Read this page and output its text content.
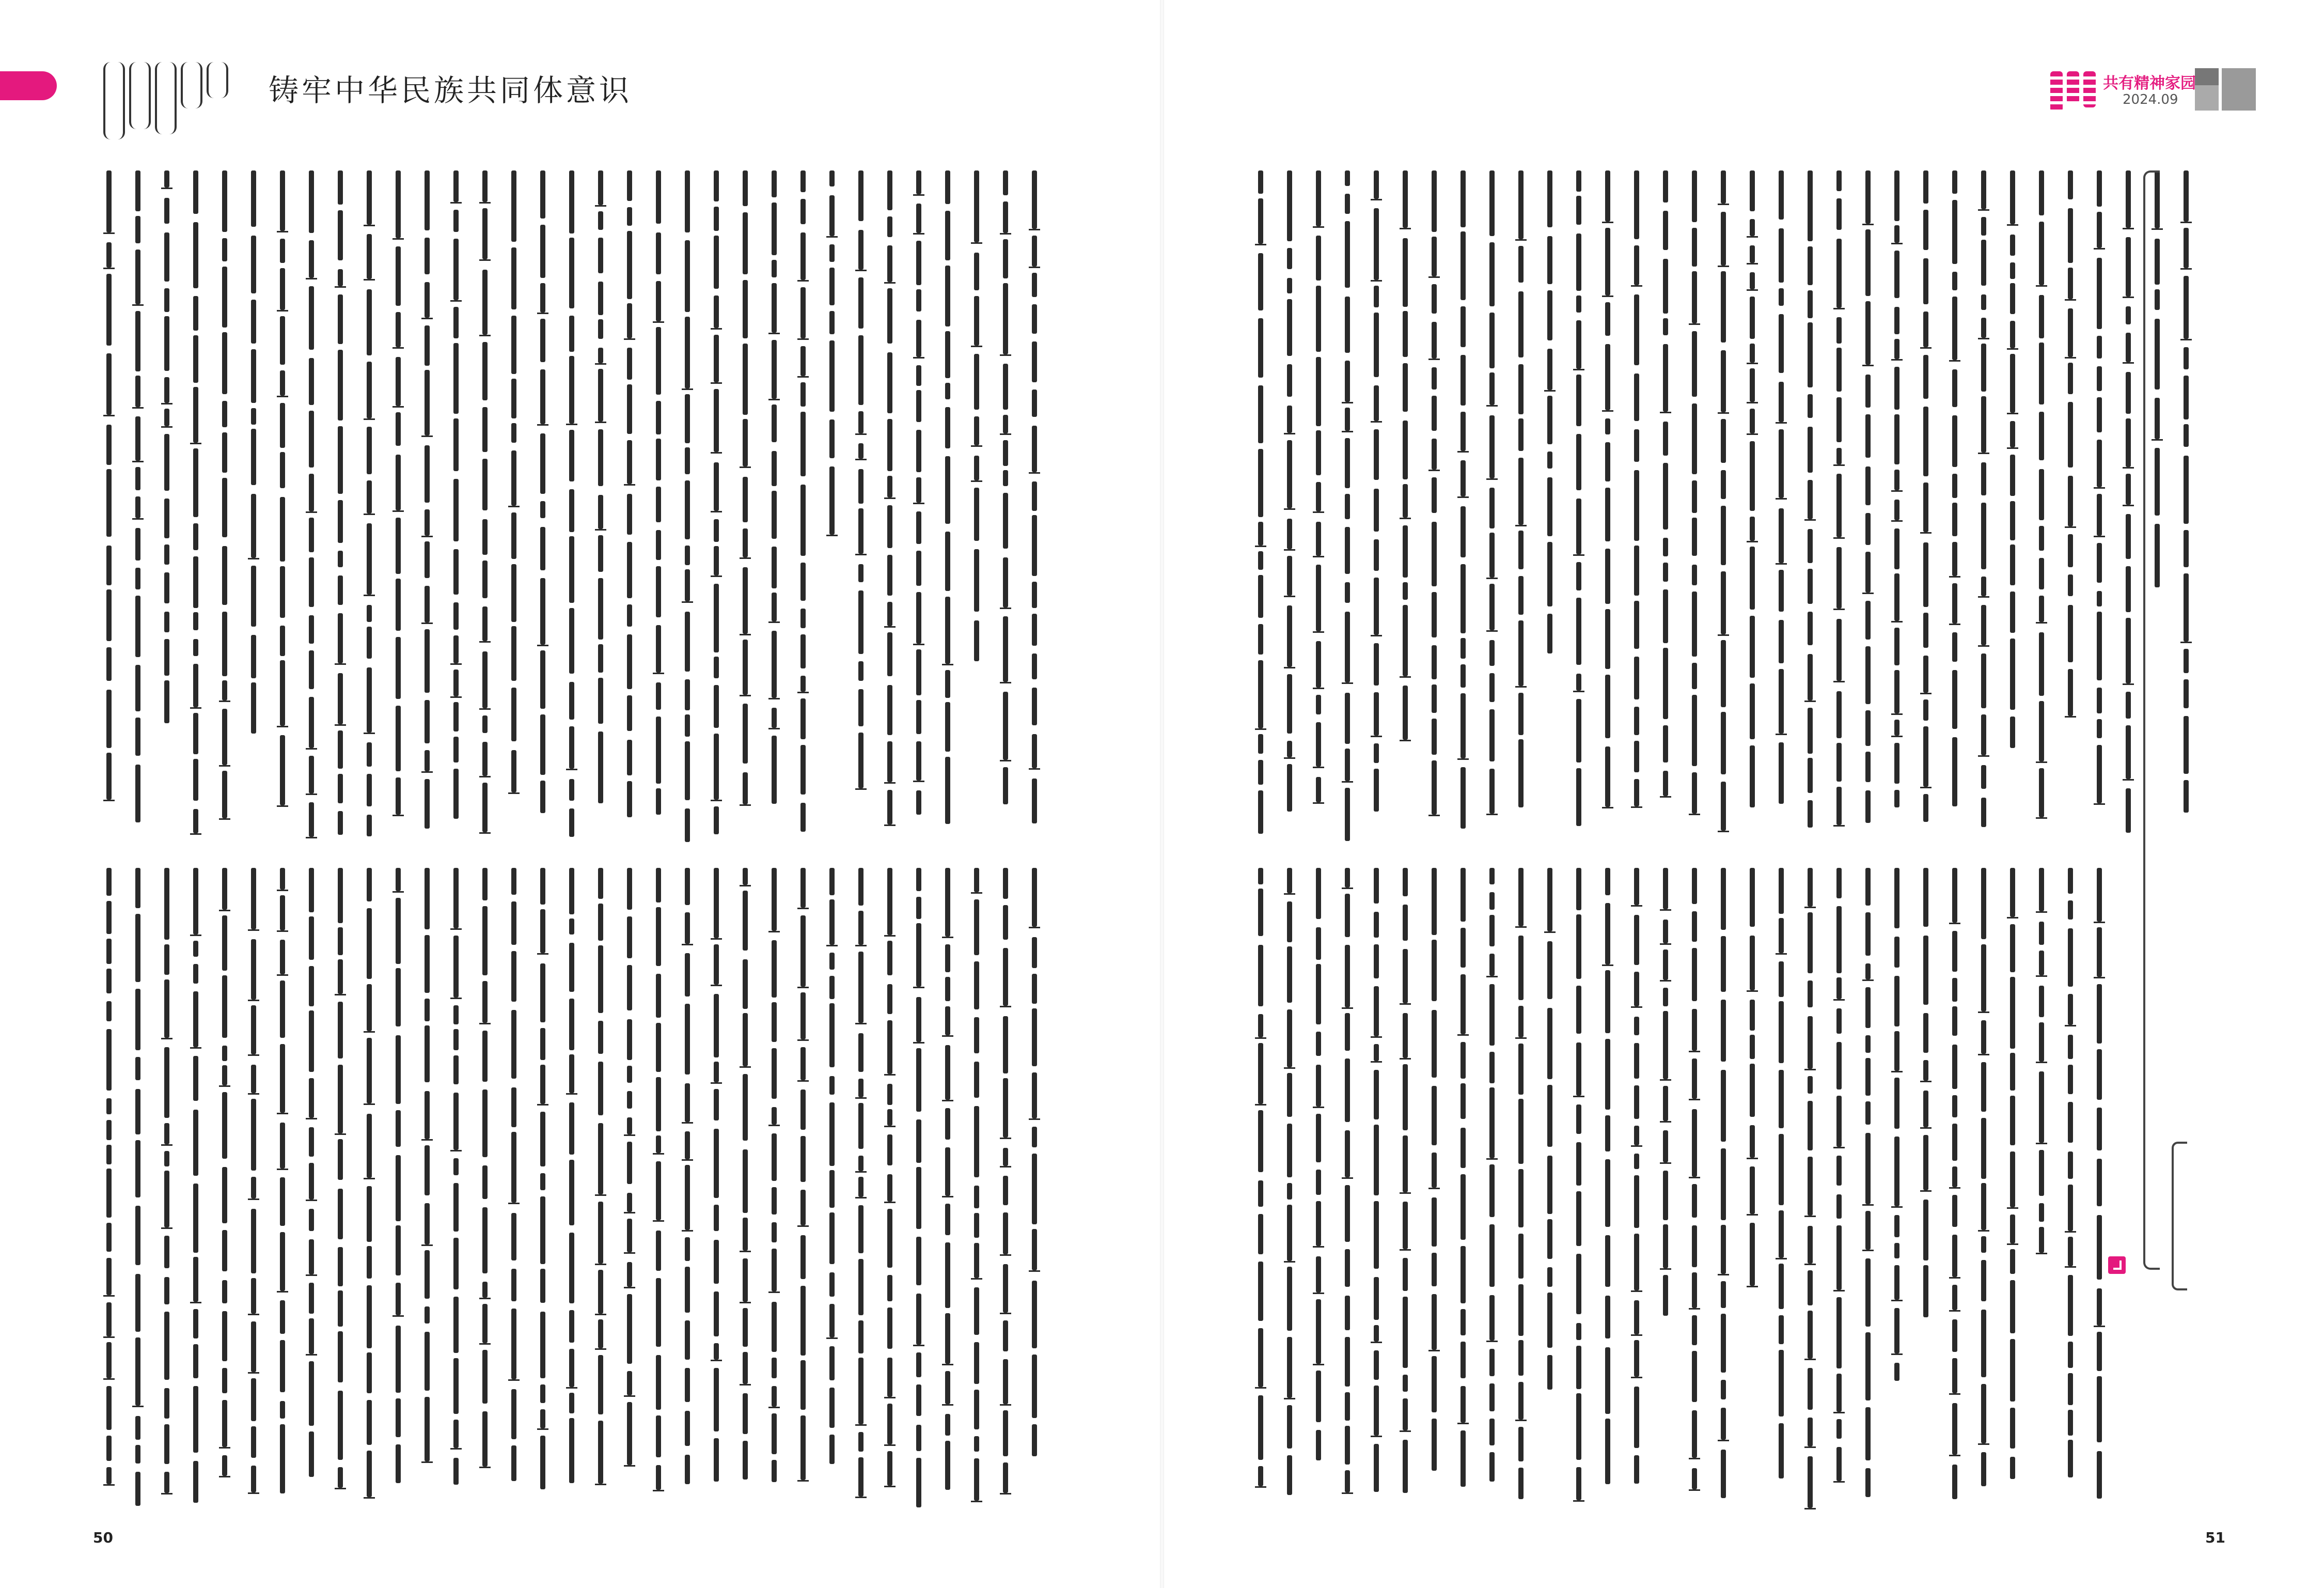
铸牢中华民族共同体意识
50	51
共有精神家园
2024.09
